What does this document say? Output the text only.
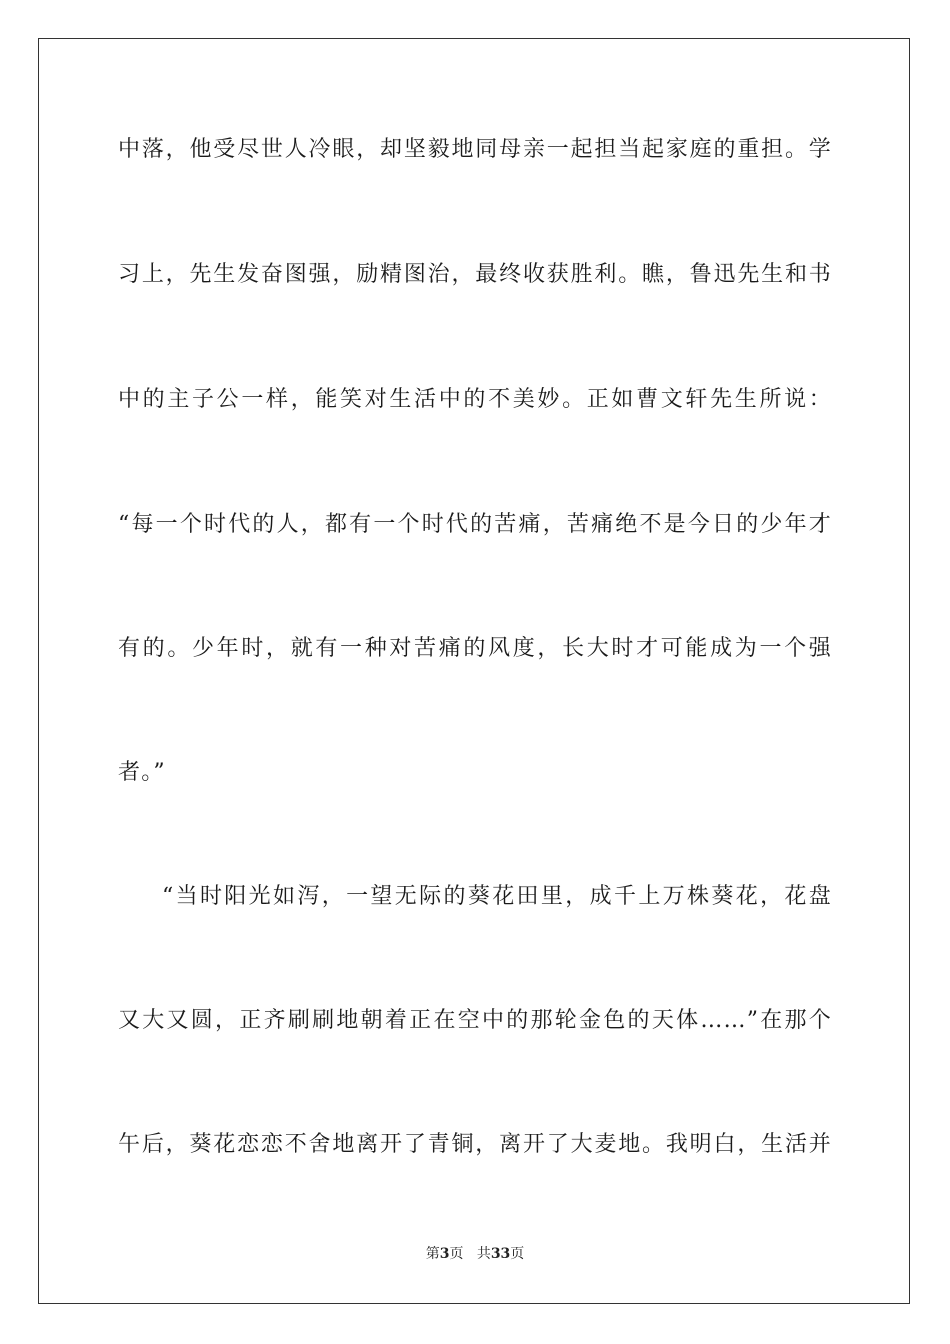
中落，他受尽世人冷眼，却坚毅地同母亲一起担当起家庭的重担。学
习上，先生发奋图强，励精图治，最终收获胜利。瞧，鲁迅先生和书
中的主子公一样，能笑对生活中的不美妙。正如曹文轩先生所说：
“每一个时代的人，都有一个时代的苦痛，苦痛绝不是今日的少年才
有的。少年时，就有一种对苦痛的风度，长大时才可能成为一个强
者。”
“当时阳光如泻，一望无际的葵花田里，成千上万株葵花，花盘
又大又圆，正齐刷刷地朝着正在空中的那轮金色的天体……”在那个
午后，葵花恋恋不舍地离开了青铜，离开了大麦地。我明白，生活并
第3页 共33页
